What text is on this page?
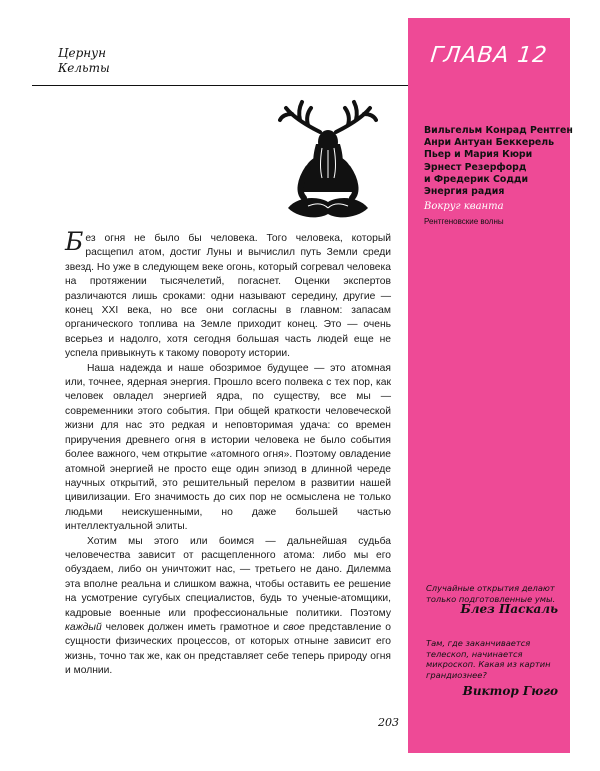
Цернун
Кельты	ГЛАВА 12
Вильгельм Конрад Рентген
Анри Антуан Беккерель
Пьер и Мария Кюри
Эрнест Резерфорд
и Фредерик Содди
Энергия радия
Вокруг кванта
Рентгеновские волны
Случайные открытия делают только подготовленные умы.
Блез Паскаль
Там, где заканчивается телескоп, начинается микроскоп. Какая из картин грандиознее?
Виктор Гюго

Без огня не было бы человека. Того человека, который расщепил атом, достиг Луны и вычислил путь Земли среди звезд. Но уже в следующем веке огонь, который согревал человека на протяжении тысячелетий, погаснет. Оценки экспертов различаются лишь сроками: одни называют середину, другие — конец XXI века, но все они согласны в главном: запасам органического топлива на Земле приходит конец. Это — очень всерьез и надолго, хотя сегодня большая часть людей еще не успела привыкнуть к такому повороту истории.

Наша надежда и наше обозримое будущее — это атомная или, точнее, ядерная энергия. Прошло всего полвека с тех пор, как человек овладел энергией ядра, по существу, все мы — современники этого события. При общей краткости человеческой жизни для нас это редкая и неповторимая удача: со времен приручения древнего огня в истории человека не было события более важного, чем открытие «атомного огня». Поэтому овладение атомной энергией не просто еще один эпизод в длинной череде научных открытий, это решительный перелом в развитии нашей цивилизации. Его значимость до сих пор не осмыслена не только людьми неискушенными, но даже большей частью интеллектуальной элиты.

Хотим мы этого или боимся — дальнейшая судьба человечества зависит от расщепленного атома: либо мы его обуздаем, либо он уничтожит нас, — третьего не дано. Дилемма эта вполне реальна и слишком важна, чтобы оставить ее решение на усмотрение сугубых специалистов, будь то ученые-атомщики, кадровые военные или профессиональные политики. Поэтому каждый человек должен иметь грамотное и свое представление о сущности физических процессов, от которых отныне зависит его жизнь, точно так же, как он представляет себе теперь природу огня и молнии.

203
